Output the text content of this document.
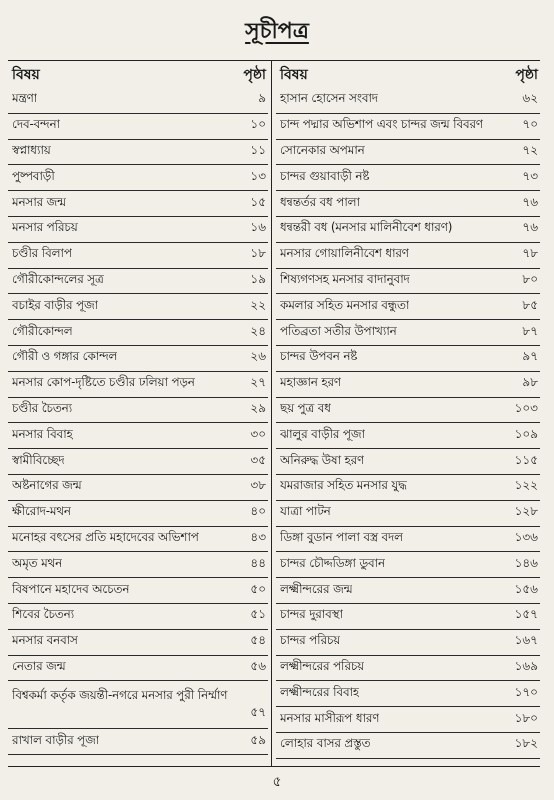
সূচীপত্র
বিষয়	পৃষ্ঠা
মন্ত্রণা	৯
দেব-বন্দনা	১০
স্বপ্নাধ্যায়	১১
পুষ্পবাড়ী	১৩
মনসার জন্ম	১৫
মনসার পরিচয়	১৬
চণ্ডীর বিলাপ	১৮
গৌরীকোন্দলের সূত্র	১৯
বচাইর বাড়ীর পূজা	২২
গৌরীকোন্দল	২৪
গৌরী ও গঙ্গার কোন্দল	২৬
মনসার কোপ-দৃষ্টিতে চণ্ডীর ঢলিয়া পড়ন	২৭
চণ্ডীর চৈতন্য	২৯
মনসার বিবাহ	৩০
স্বামীবিচ্ছেদ	৩৫
অষ্টনাগের জন্ম	৩৮
ক্ষীরোদ-মথন	৪০
মনোহর বৎসের প্রতি মহাদেবের অভিশাপ	৪৩
অমৃত মথন	৪৪
বিষপানে মহাদেব অচেতন	৫০
শিবের চৈতন্য	৫১
মনসার বনবাস	৫৪
নেতার জন্ম	৫৬
বিশ্বকর্মা কর্তৃক জয়ন্তী-নগরে মনসার পুরী নির্ম্মাণ
৫৭
রাখাল বাড়ীর পূজা	৫৯
বিষয়	পৃষ্ঠা
হাসান হোসেন সংবাদ	৬২
চান্দ পদ্মার অভিশাপ এবং চান্দর জন্ম বিবরণ	৭০
সোনেকার অপমান	৭২
চান্দর গুয়াবাড়ী নষ্ট	৭৩
ধন্বন্তর্তর বধ পালা	৭৬
ধন্বন্তরী বধ (মনসার মালিনীবেশ ধারণ)	৭৬
মনসার গোয়ালিনীবেশ ধারণ	৭৮
শিষ্যগণসহ মনসার বাদানুবাদ	৮০
কমলার সহিত মনসার বন্ধুতা	৮৫
পতিব্রতা সতীর উপাখ্যান	৮৭
চান্দর উপবন নষ্ট	৯৭
মহাজ্ঞান হরণ	৯৮
ছয় পুত্র বধ	১০৩
ঝালুর বাড়ীর পূজা	১০৯
অনিরুদ্ধ উষা হরণ	১১৫
যমরাজার সহিত মনসার যুদ্ধ	১২২
যাত্রা পাটন	১২৮
ডিঙ্গা বুডান পালা বস্ত্র বদল	১৩৬
চান্দর চৌদ্দডিঙ্গা ডুবান	১৪৬
লক্ষ্মীন্দরের জন্ম	১৫৬
চান্দর দুরাবস্থা	১৫৭
চান্দর পরিচয়	১৬৭
লক্ষ্মীন্দরের পরিচয়	১৬৯
লক্ষ্মীন্দরের বিবাহ	১৭০
মনসার মাসীরূপ ধারণ	১৮০
লোহার বাসর প্রস্তুত	১৮২
৫
